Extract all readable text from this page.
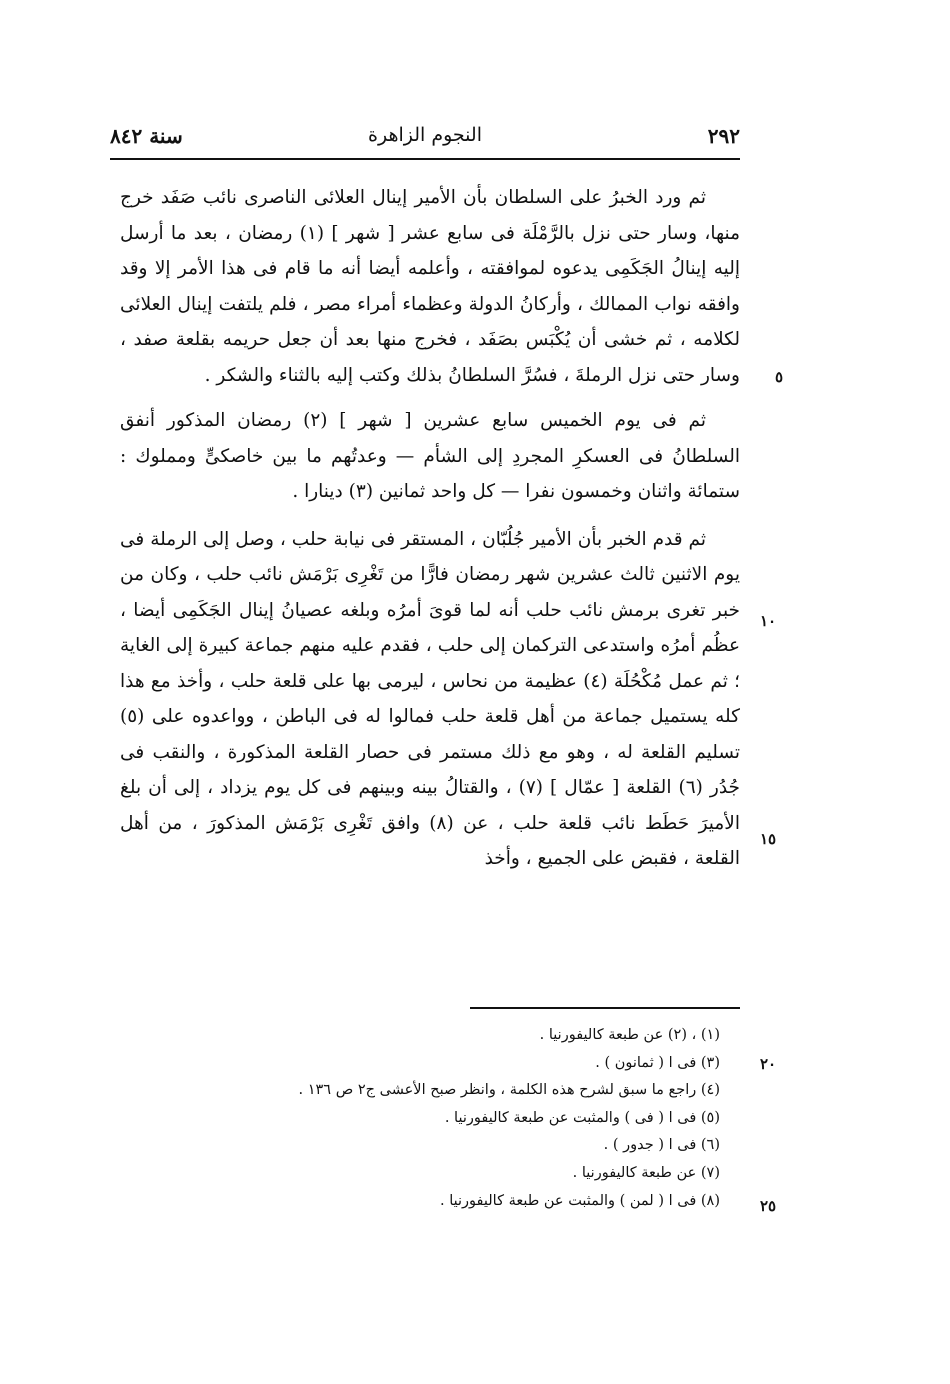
٢٩٢
النجوم الزاهرة
سنة ٨٤٢

ثم ورد الخبرُ على السلطان بأن الأمير إينال العلائى الناصرى نائب صَفَد خرج منها، وسار حتى نزل بالرَّمْلَة فى سابع عشر [ شهر ] (١) رمضان ، بعد ما أرسل إليه إينالُ الجَكَمِى يدعوه لموافقته ، وأعلمه أيضا أنه ما قام فى هذا الأمر إلا وقد وافقه نواب الممالك ، وأركانُ الدولة وعظماء أمراء مصر ، فلم يلتفت إينال العلائى لكلامه ، ثم خشى أن يُكْبَس بصَفَد ، فخرج منها بعد أن جعل حريمه بقلعة صفد ، وسار حتى نزل الرملةَ ، فسُرَّ السلطانُ بذلك وكتب إليه بالثناء والشكر .

ثم فى يوم الخميس سابع عشرين [ شهر ] (٢) رمضان المذكور أنفق السلطانُ فى العسكرِ المجردِ إلى الشأم — وعدتُهم ما بين خاصكىٍّ ومملوك : ستمائة واثنان وخمسون نفرا — كل واحد ثمانين (٣) دينارا .

ثم قدم الخبر بأن الأمير جُلُبّان ، المستقر فى نيابة حلب ، وصل إلى الرملة فى يوم الاثنين ثالث عشرين شهر رمضان فارًّا من تَغْرِى بَرْمَش نائب حلب ، وكان من خبر تغرى برمش نائب حلب أنه لما قوىَ أمرُه وبلغه عصيانُ إينال الجَكَمِى أيضا ، عظُم أمرُه واستدعى التركمان إلى حلب ، فقدم عليه منهم جماعة كبيرة إلى الغاية ؛ ثم عمل مُكْحُلَة (٤) عظيمة من نحاس ، ليرمى بها على قلعة حلب ، وأخذ مع هذا كله يستميل جماعة من أهل قلعة حلب فمالوا له فى الباطن ، وواعدوه على (٥) تسليم القلعة له ، وهو مع ذلك مستمر فى حصار القلعة المذكورة ، والنقب فى جُدُر (٦) القلعة [ عمّال ] (٧) ، والقتالُ بينه وبينهم فى كل يوم يزداد ، إلى أن بلغ الأميرَ حَطَط نائب قلعة حلب ، عن (٨) وافق تَغْرِى بَرْمَش المذكورَ ، من أهل القلعة ، فقبض على الجميع ، وأخذ

٥
١٠
١٥
٢٠
٢٥
(١) ، (٢) عن طبعة كاليفورنيا .
(٣) فى ا ( ثمانون ) .
(٤) راجع ما سبق لشرح هذه الكلمة ، وانظر صبح الأعشى ج٢ ص ١٣٦ .
(٥) فى ا ( فى ) والمثبت عن طبعة كاليفورنيا .
(٦) فى ا ( جدور ) .
(٧) عن طبعة كاليفورنيا .
(٨) فى ا ( لمن ) والمثبت عن طبعة كاليفورنيا .
